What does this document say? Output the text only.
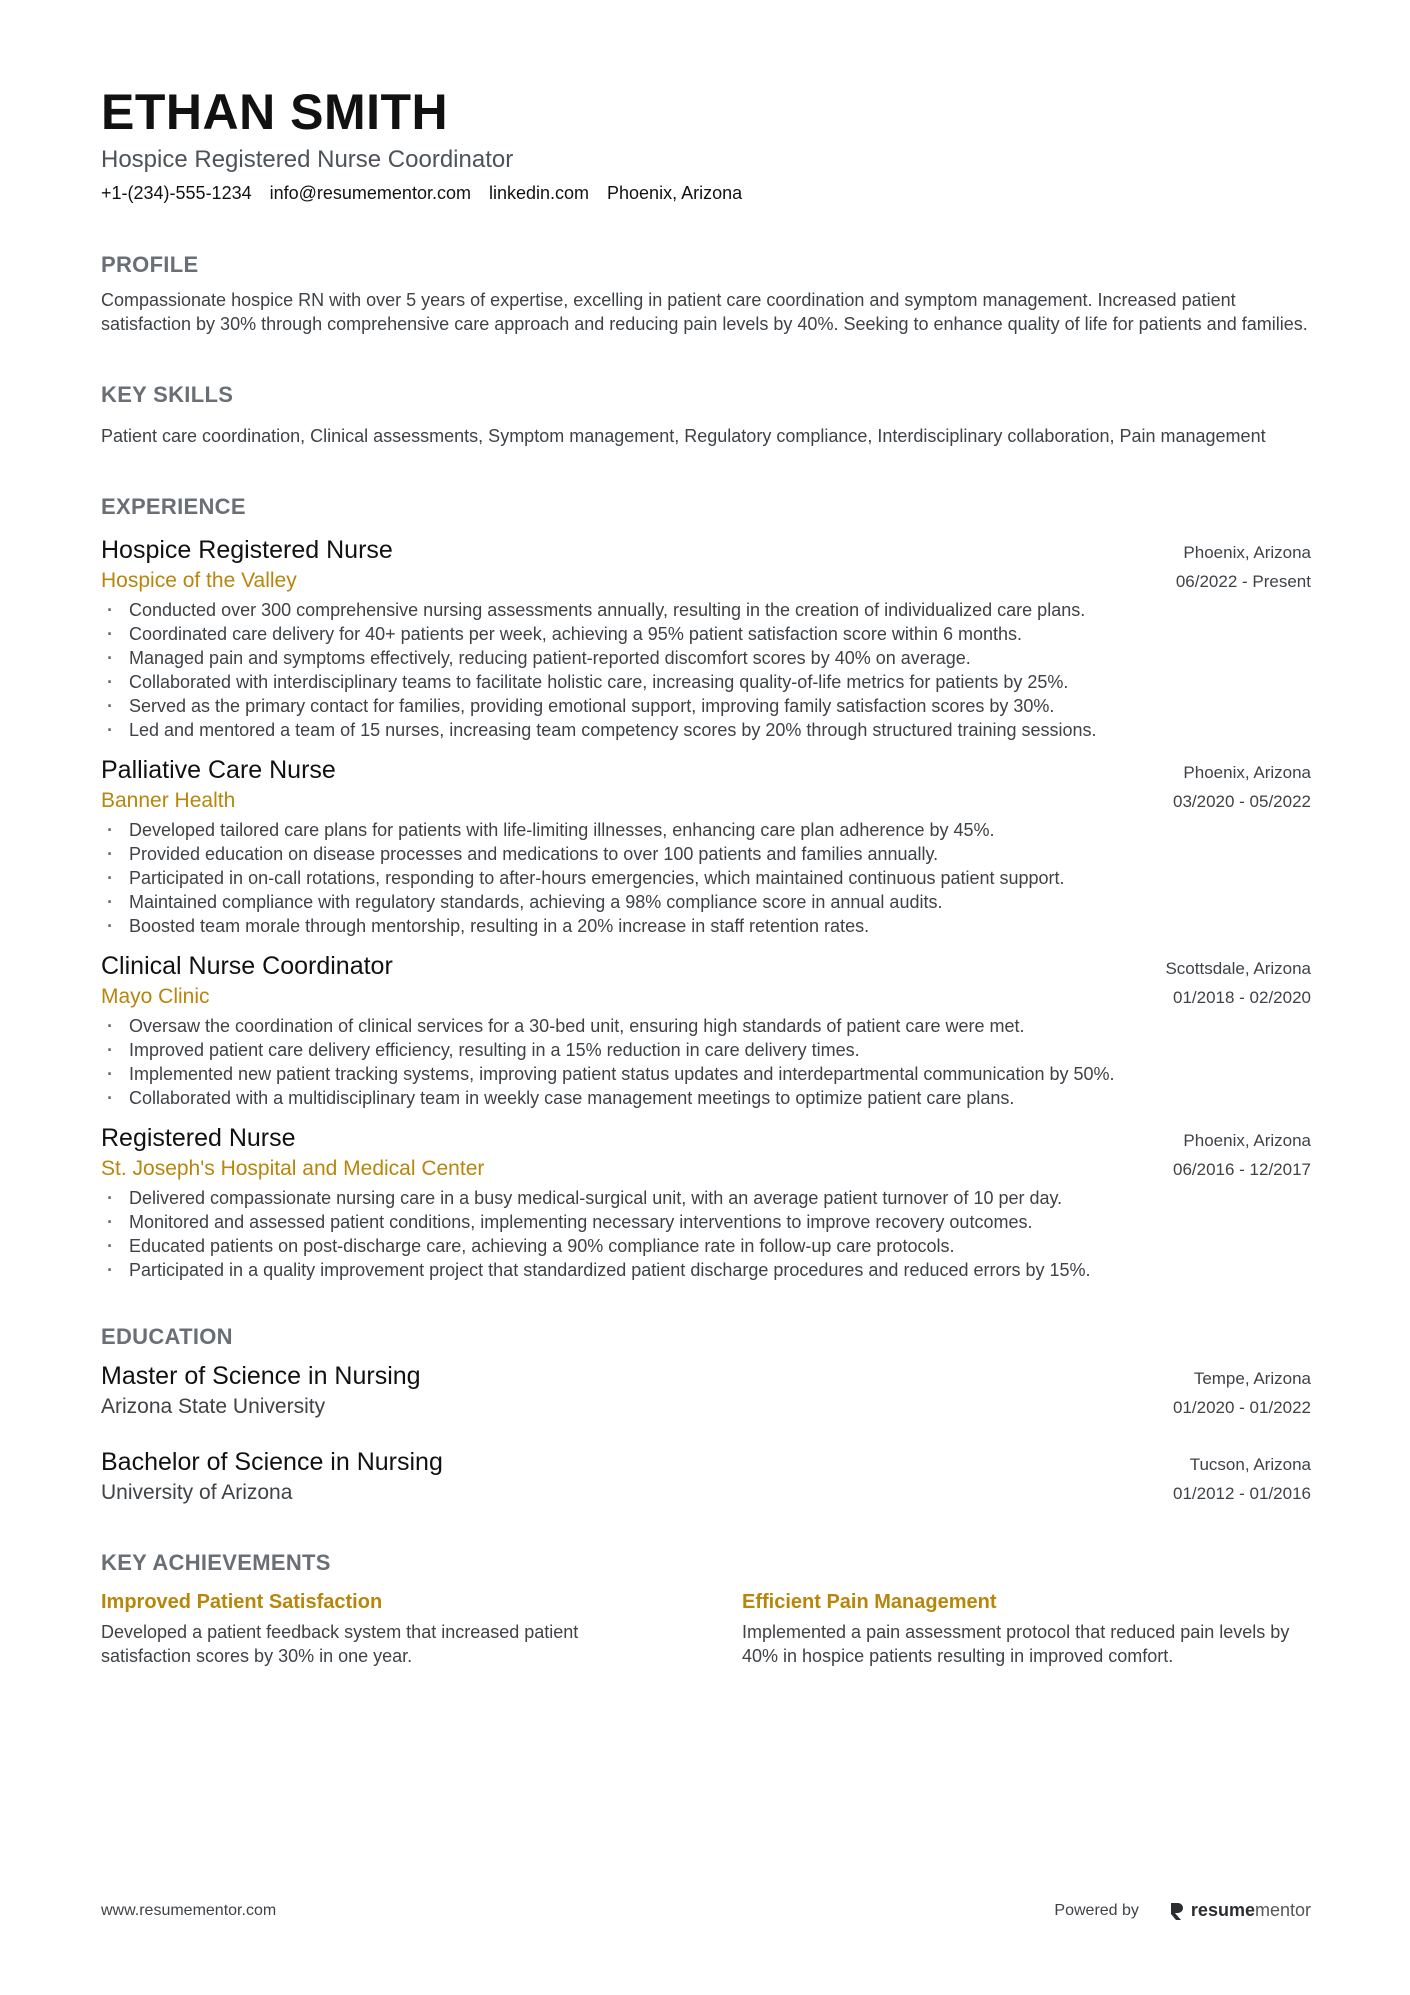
ETHAN SMITH
Hospice Registered Nurse Coordinator
+1-(234)-555-1234 info@resumementor.com linkedin.com Phoenix, Arizona
PROFILE
Compassionate hospice RN with over 5 years of expertise, excelling in patient care coordination and symptom management. Increased patient satisfaction by 30% through comprehensive care approach and reducing pain levels by 40%. Seeking to enhance quality of life for patients and families.
KEY SKILLS
Patient care coordination, Clinical assessments, Symptom management, Regulatory compliance, Interdisciplinary collaboration, Pain management
EXPERIENCE
Hospice Registered Nurse	Phoenix, Arizona
Hospice of the Valley	06/2022 - Present
· Conducted over 300 comprehensive nursing assessments annually, resulting in the creation of individualized care plans.
· Coordinated care delivery for 40+ patients per week, achieving a 95% patient satisfaction score within 6 months.
· Managed pain and symptoms effectively, reducing patient-reported discomfort scores by 40% on average.
· Collaborated with interdisciplinary teams to facilitate holistic care, increasing quality-of-life metrics for patients by 25%.
· Served as the primary contact for families, providing emotional support, improving family satisfaction scores by 30%.
· Led and mentored a team of 15 nurses, increasing team competency scores by 20% through structured training sessions.
Palliative Care Nurse	Phoenix, Arizona
Banner Health	03/2020 - 05/2022
· Developed tailored care plans for patients with life-limiting illnesses, enhancing care plan adherence by 45%.
· Provided education on disease processes and medications to over 100 patients and families annually.
· Participated in on-call rotations, responding to after-hours emergencies, which maintained continuous patient support.
· Maintained compliance with regulatory standards, achieving a 98% compliance score in annual audits.
· Boosted team morale through mentorship, resulting in a 20% increase in staff retention rates.
Clinical Nurse Coordinator	Scottsdale, Arizona
Mayo Clinic	01/2018 - 02/2020
· Oversaw the coordination of clinical services for a 30-bed unit, ensuring high standards of patient care were met.
· Improved patient care delivery efficiency, resulting in a 15% reduction in care delivery times.
· Implemented new patient tracking systems, improving patient status updates and interdepartmental communication by 50%.
· Collaborated with a multidisciplinary team in weekly case management meetings to optimize patient care plans.
Registered Nurse	Phoenix, Arizona
St. Joseph's Hospital and Medical Center	06/2016 - 12/2017
· Delivered compassionate nursing care in a busy medical-surgical unit, with an average patient turnover of 10 per day.
· Monitored and assessed patient conditions, implementing necessary interventions to improve recovery outcomes.
· Educated patients on post-discharge care, achieving a 90% compliance rate in follow-up care protocols.
· Participated in a quality improvement project that standardized patient discharge procedures and reduced errors by 15%.
EDUCATION
Master of Science in Nursing	Tempe, Arizona
Arizona State University	01/2020 - 01/2022
Bachelor of Science in Nursing	Tucson, Arizona
University of Arizona	01/2012 - 01/2016
KEY ACHIEVEMENTS
Improved Patient Satisfaction
Developed a patient feedback system that increased patient satisfaction scores by 30% in one year.
Efficient Pain Management
Implemented a pain assessment protocol that reduced pain levels by 40% in hospice patients resulting in improved comfort.
www.resumementor.com	Powered by	resumementor
